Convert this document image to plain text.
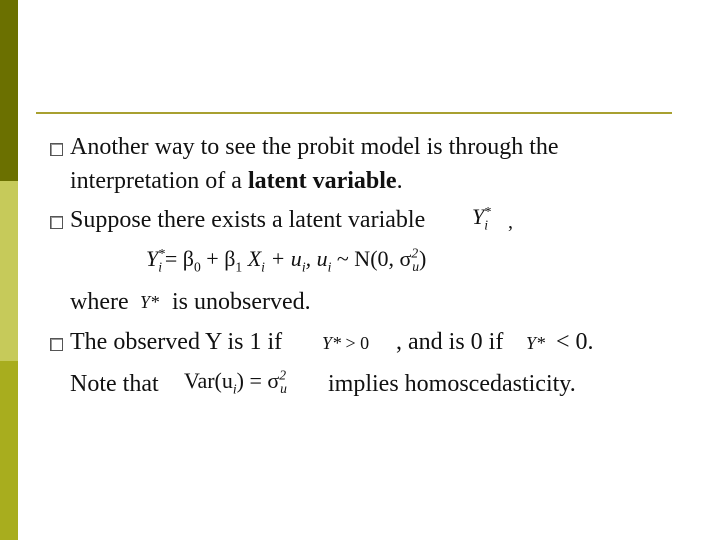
Another way to see the probit model is through the
interpretation of a latent variable.
Suppose there exists a latent variable $Y_i^*$ ,
$Y_i^*= \beta_0 + \beta_1$ $X_i + u_i$, $u_i$ ~ N(0, $\sigma^2_u$)
where Y* is unobserved.
The observed Y is 1 if Y* > 0 , and is 0 if Y* < 0.
Note that $Var(u_i) = \sigma^2_u$ implies homoscedasticity.
